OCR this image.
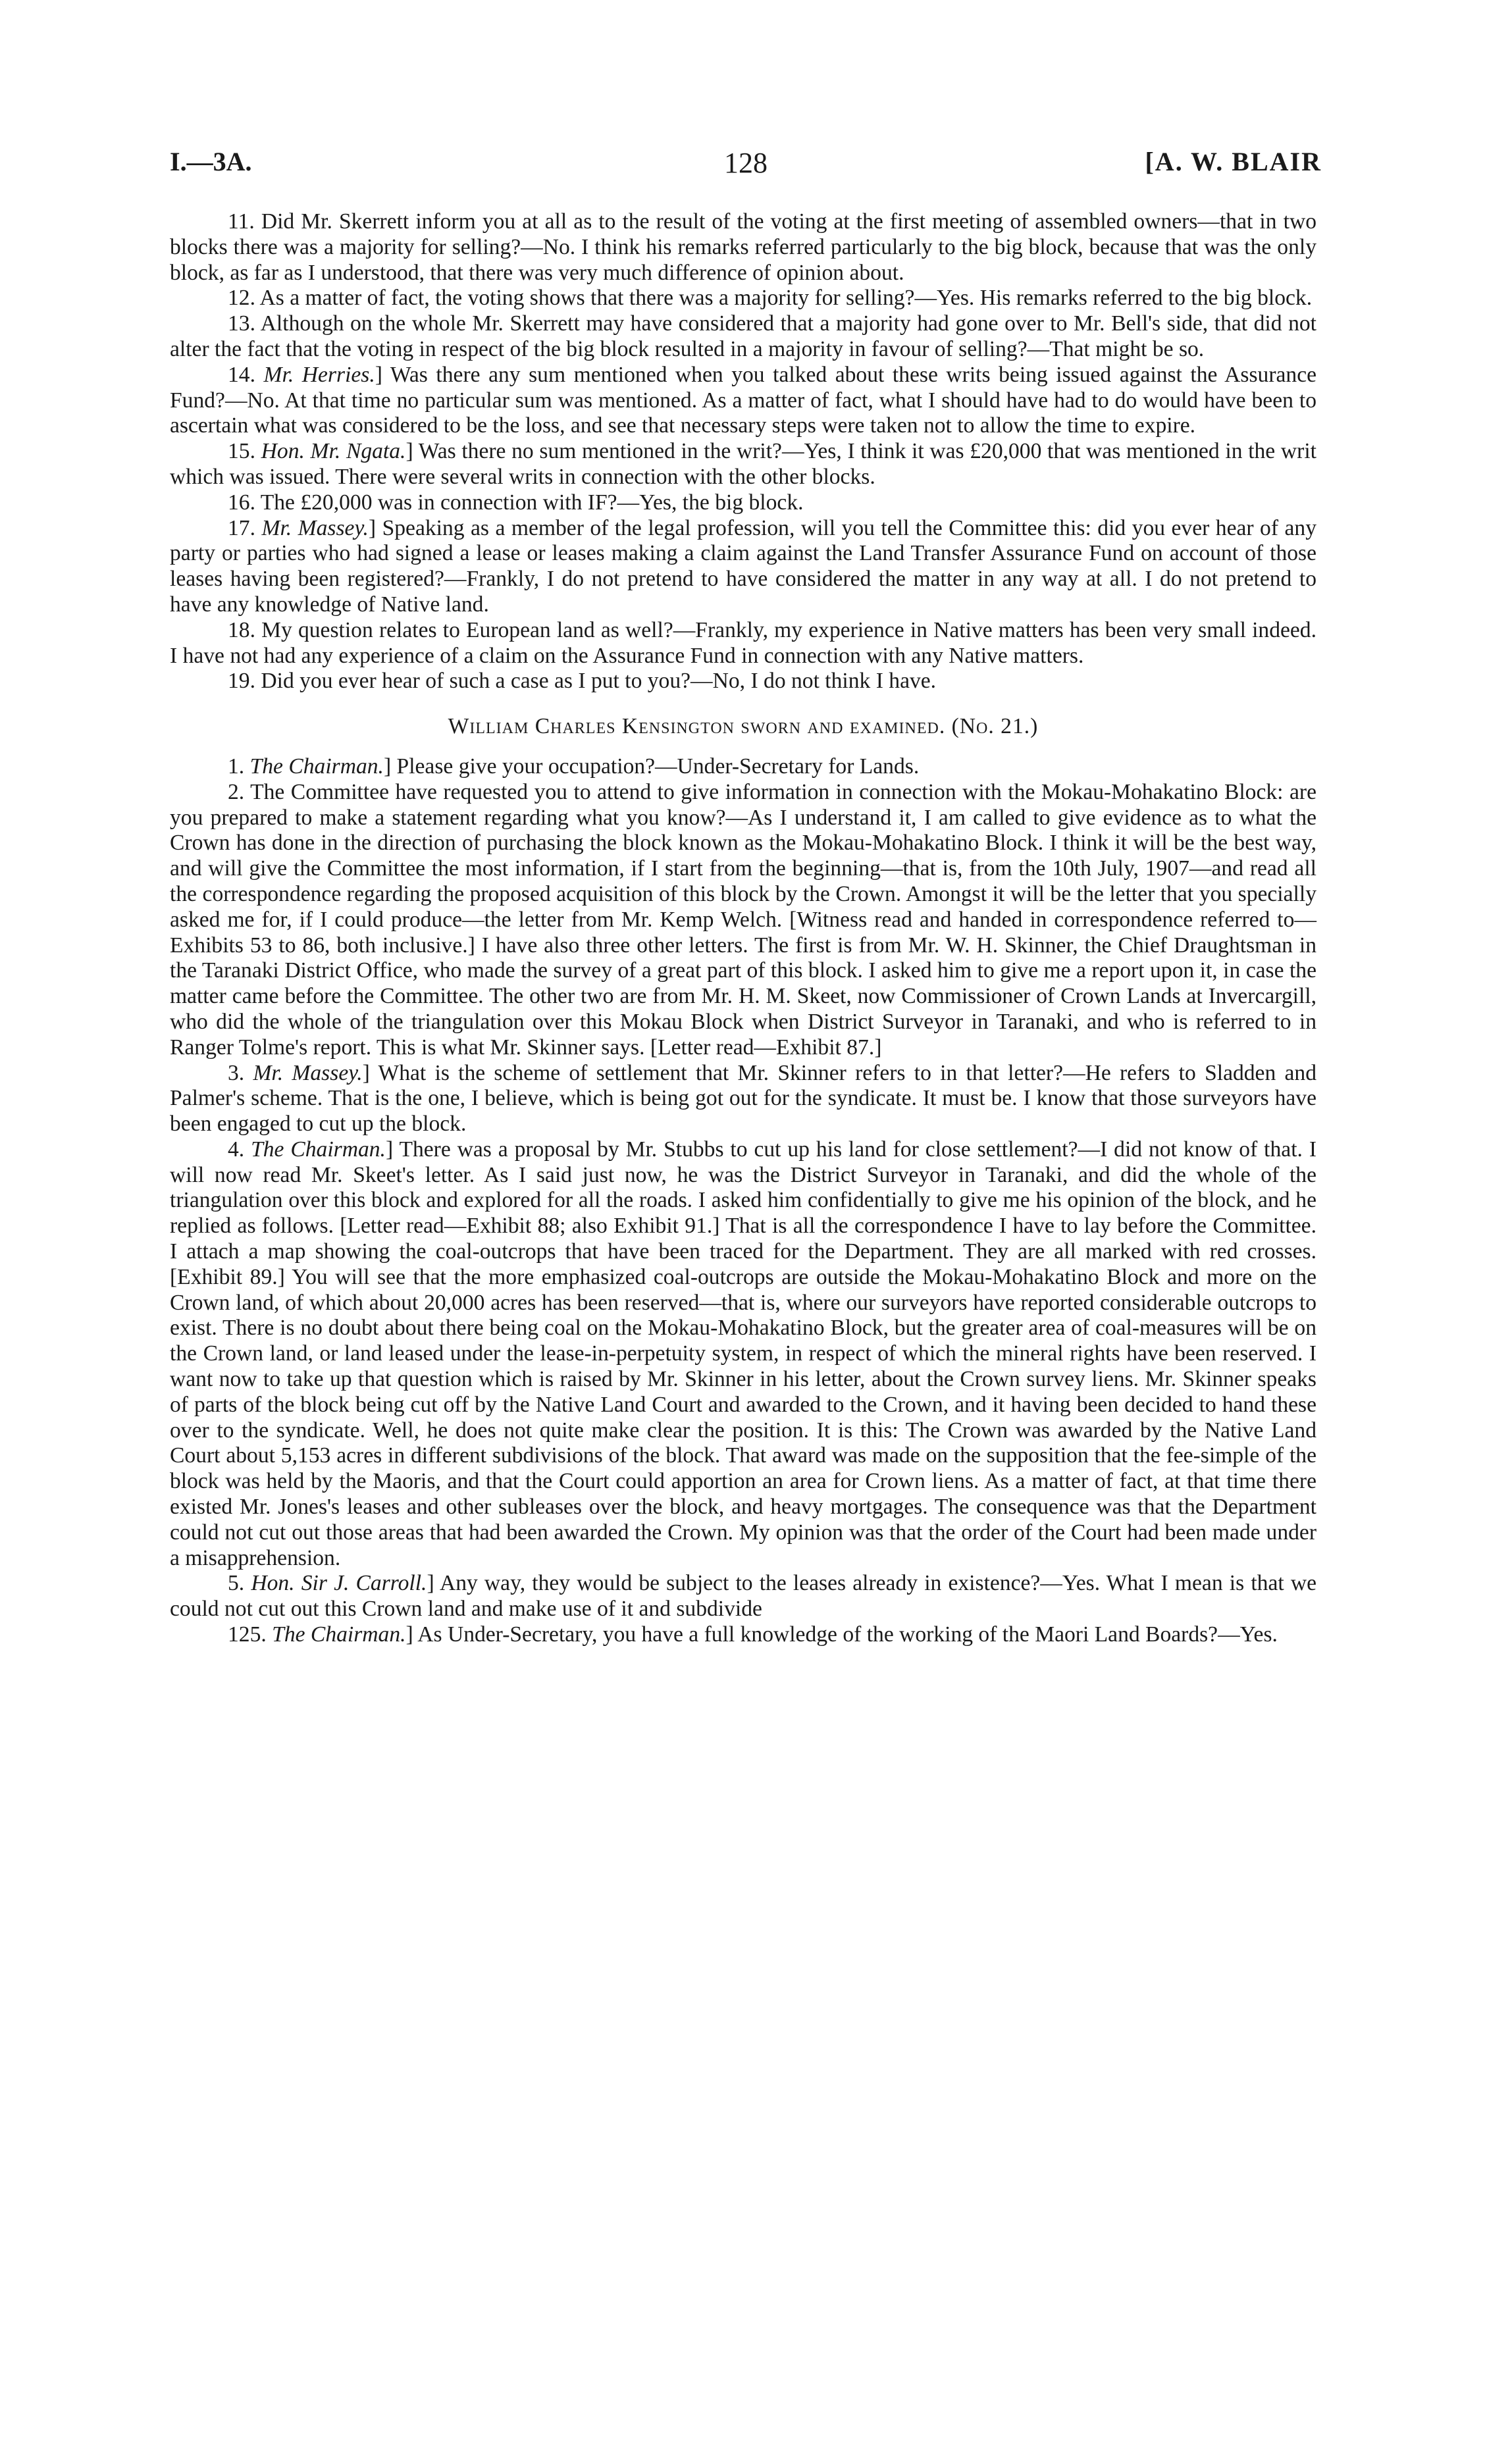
I.—3A.	128	[A. W. BLAIR

11. Did Mr. Skerrett inform you at all as to the result of the voting at the first meeting of assembled owners—that in two blocks there was a majority for selling?—No. I think his remarks referred particularly to the big block, because that was the only block, as far as I understood, that there was very much difference of opinion about.

12. As a matter of fact, the voting shows that there was a majority for selling?—Yes. His remarks referred to the big block.

13. Although on the whole Mr. Skerrett may have considered that a majority had gone over to Mr. Bell's side, that did not alter the fact that the voting in respect of the big block resulted in a majority in favour of selling?—That might be so.

14. Mr. Herries.] Was there any sum mentioned when you talked about these writs being issued against the Assurance Fund?—No. At that time no particular sum was mentioned. As a matter of fact, what I should have had to do would have been to ascertain what was considered to be the loss, and see that necessary steps were taken not to allow the time to expire.

15. Hon. Mr. Ngata.] Was there no sum mentioned in the writ?—Yes, I think it was £20,000 that was mentioned in the writ which was issued. There were several writs in connection with the other blocks.

16. The £20,000 was in connection with IF?—Yes, the big block.

17. Mr. Massey.] Speaking as a member of the legal profession, will you tell the Committee this: did you ever hear of any party or parties who had signed a lease or leases making a claim against the Land Transfer Assurance Fund on account of those leases having been registered?—Frankly, I do not pretend to have considered the matter in any way at all. I do not pretend to have any knowledge of Native land.

18. My question relates to European land as well?—Frankly, my experience in Native matters has been very small indeed. I have not had any experience of a claim on the Assurance Fund in connection with any Native matters.

19. Did you ever hear of such a case as I put to you?—No, I do not think I have.

William Charles Kensington sworn and examined. (No. 21.)

1. The Chairman.] Please give your occupation?—Under-Secretary for Lands.

2. The Committee have requested you to attend to give information in connection with the Mokau-Mohakatino Block: are you prepared to make a statement regarding what you know?—As I understand it, I am called to give evidence as to what the Crown has done in the direction of purchasing the block known as the Mokau-Mohakatino Block. I think it will be the best way, and will give the Committee the most information, if I start from the beginning—that is, from the 10th July, 1907—and read all the correspondence regarding the proposed acquisition of this block by the Crown. Amongst it will be the letter that you specially asked me for, if I could produce—the letter from Mr. Kemp Welch. [Witness read and handed in correspondence referred to—Exhibits 53 to 86, both inclusive.] I have also three other letters. The first is from Mr. W. H. Skinner, the Chief Draughtsman in the Taranaki District Office, who made the survey of a great part of this block. I asked him to give me a report upon it, in case the matter came before the Committee. The other two are from Mr. H. M. Skeet, now Commissioner of Crown Lands at Invercargill, who did the whole of the triangulation over this Mokau Block when District Surveyor in Taranaki, and who is referred to in Ranger Tolme's report. This is what Mr. Skinner says. [Letter read—Exhibit 87.]

3. Mr. Massey.] What is the scheme of settlement that Mr. Skinner refers to in that letter?—He refers to Sladden and Palmer's scheme. That is the one, I believe, which is being got out for the syndicate. It must be. I know that those surveyors have been engaged to cut up the block.

4. The Chairman.] There was a proposal by Mr. Stubbs to cut up his land for close settlement?—I did not know of that. I will now read Mr. Skeet's letter. As I said just now, he was the District Surveyor in Taranaki, and did the whole of the triangulation over this block and explored for all the roads. I asked him confidentially to give me his opinion of the block, and he replied as follows. [Letter read—Exhibit 88; also Exhibit 91.] That is all the correspondence I have to lay before the Committee. I attach a map showing the coal-outcrops that have been traced for the Department. They are all marked with red crosses. [Exhibit 89.] You will see that the more emphasized coal-outcrops are outside the Mokau-Mohakatino Block and more on the Crown land, of which about 20,000 acres has been reserved—that is, where our surveyors have reported considerable outcrops to exist. There is no doubt about there being coal on the Mokau-Mohakatino Block, but the greater area of coal-measures will be on the Crown land, or land leased under the lease-in-perpetuity system, in respect of which the mineral rights have been reserved. I want now to take up that question which is raised by Mr. Skinner in his letter, about the Crown survey liens. Mr. Skinner speaks of parts of the block being cut off by the Native Land Court and awarded to the Crown, and it having been decided to hand these over to the syndicate. Well, he does not quite make clear the position. It is this: The Crown was awarded by the Native Land Court about 5,153 acres in different subdivisions of the block. That award was made on the supposition that the fee-simple of the block was held by the Maoris, and that the Court could apportion an area for Crown liens. As a matter of fact, at that time there existed Mr. Jones's leases and other subleases over the block, and heavy mortgages. The consequence was that the Department could not cut out those areas that had been awarded the Crown. My opinion was that the order of the Court had been made under a misapprehension.

5. Hon. Sir J. Carroll.] Any way, they would be subject to the leases already in existence?—Yes. What I mean is that we could not cut out this Crown land and make use of it and subdivide

125. The Chairman.] As Under-Secretary, you have a full knowledge of the working of the Maori Land Boards?—Yes.
